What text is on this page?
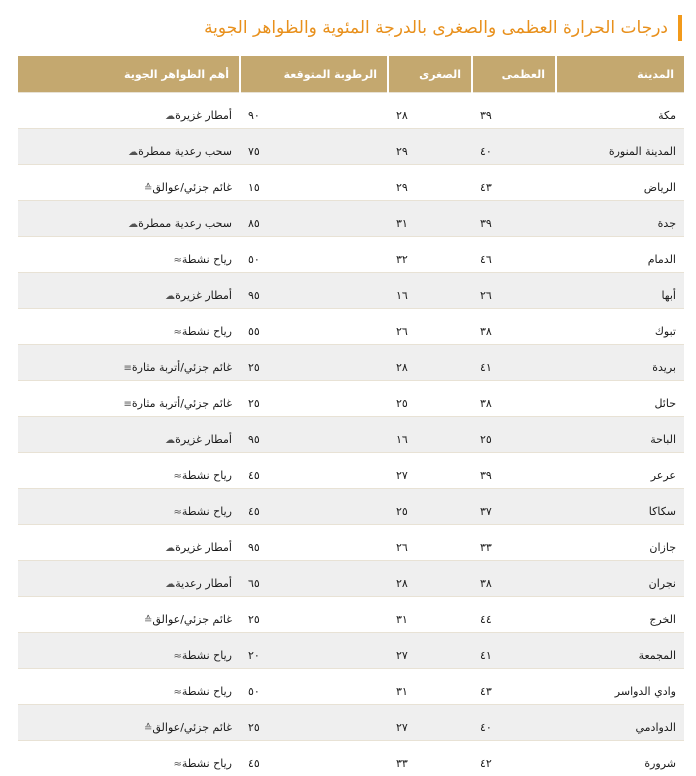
درجات الحرارة العظمى والصغرى بالدرجة المئوية والظواهر الجوية
المدينة	العظمى	الصغرى	الرطوبة المتوقعة	أهم الظواهر الجوية
مكة	٣٩	٢٨	٩٠	أمطار غزيرة☁
المدينة المنورة	٤٠	٢٩	٧٥	سحب رعدية ممطرة☁
الرياض	٤٣	٢٩	١٥	غائم جزئي/عوالق≙
جدة	٣٩	٣١	٨٥	سحب رعدية ممطرة☁
الدمام	٤٦	٣٢	٥٠	رياح نشطة≈
أبها	٢٦	١٦	٩٥	أمطار غزيرة☁
تبوك	٣٨	٢٦	٥٥	رياح نشطة≈
بريدة	٤١	٢٨	٢٥	غائم جزئي/أتربة مثارة≡
حائل	٣٨	٢٥	٢٥	غائم جزئي/أتربة مثارة≡
الباحة	٢٥	١٦	٩٥	أمطار غزيرة☁
عرعر	٣٩	٢٧	٤٥	رياح نشطة≈
سكاكا	٣٧	٢٥	٤٥	رياح نشطة≈
جازان	٣٣	٢٦	٩٥	أمطار غزيرة☁
نجران	٣٨	٢٨	٦٥	أمطار رعدية☁
الخرج	٤٤	٣١	٢٥	غائم جزئي/عوالق≙
المجمعة	٤١	٢٧	٢٠	رياح نشطة≈
وادي الدواسر	٤٣	٣١	٥٠	رياح نشطة≈
الدوادمي	٤٠	٢٧	٢٥	غائم جزئي/عوالق≙
شرورة	٤٢	٣٣	٤٥	رياح نشطة≈
